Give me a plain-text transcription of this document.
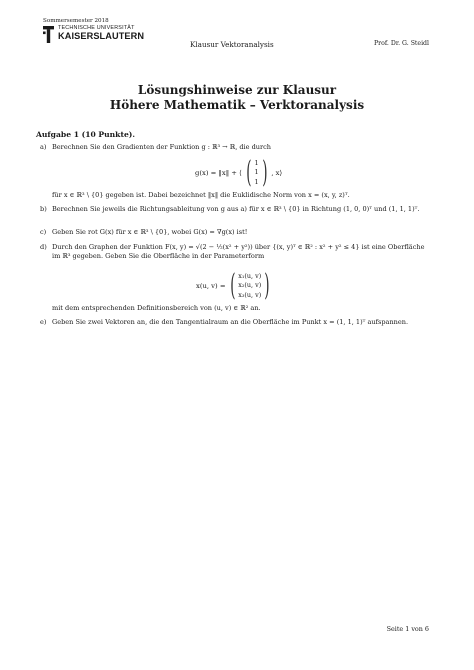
Sommersemester 2018
TECHNISCHE UNIVERSITÄT
KAISERSLAUTERN
Klausur Vektoranalysis	Prof. Dr. G. Steidl
Lösungshinweise zur Klausur
Höhere Mathematik – Verktoranalysis
Aufgabe 1 (10 Punkte).
a) Berechnen Sie den Gradienten der Funktion g : ℝ³ → ℝ, die durch
g(x) = ‖x‖ + ⟨ ( 1
1
1 ) , x⟩
für x ∈ ℝ³ \ {0} gegeben ist. Dabei bezeichnet ‖x‖ die Euklidische Norm von x = (x, y, z)ᵀ.
b) Berechnen Sie jeweils die Richtungsableitung von g aus a) für x ∈ ℝ³ \ {0} in Richtung (1, 0, 0)ᵀ und (1, 1, 1)ᵀ.
c) Geben Sie rot G(x) für x ∈ ℝ³ \ {0}, wobei G(x) = ∇g(x) ist!
d) Durch den Graphen der Funktion F(x, y) = √(2 − ½(x² + y²)) über {(x, y)ᵀ ∈ ℝ² : x² + y² ≤ 4} ist eine Oberfläche im ℝ³ gegeben. Geben Sie die Oberfläche in der Parameterform
x(u, v) = ( x₁(u, v)
x₂(u, v)
x₃(u, v) )
mit dem entsprechenden Definitionsbereich von (u, v) ∈ ℝ² an.
e) Geben Sie zwei Vektoren an, die den Tangentialraum an die Oberfläche im Punkt x = (1, 1, 1)ᵀ aufspannen.
Seite 1 von 6
